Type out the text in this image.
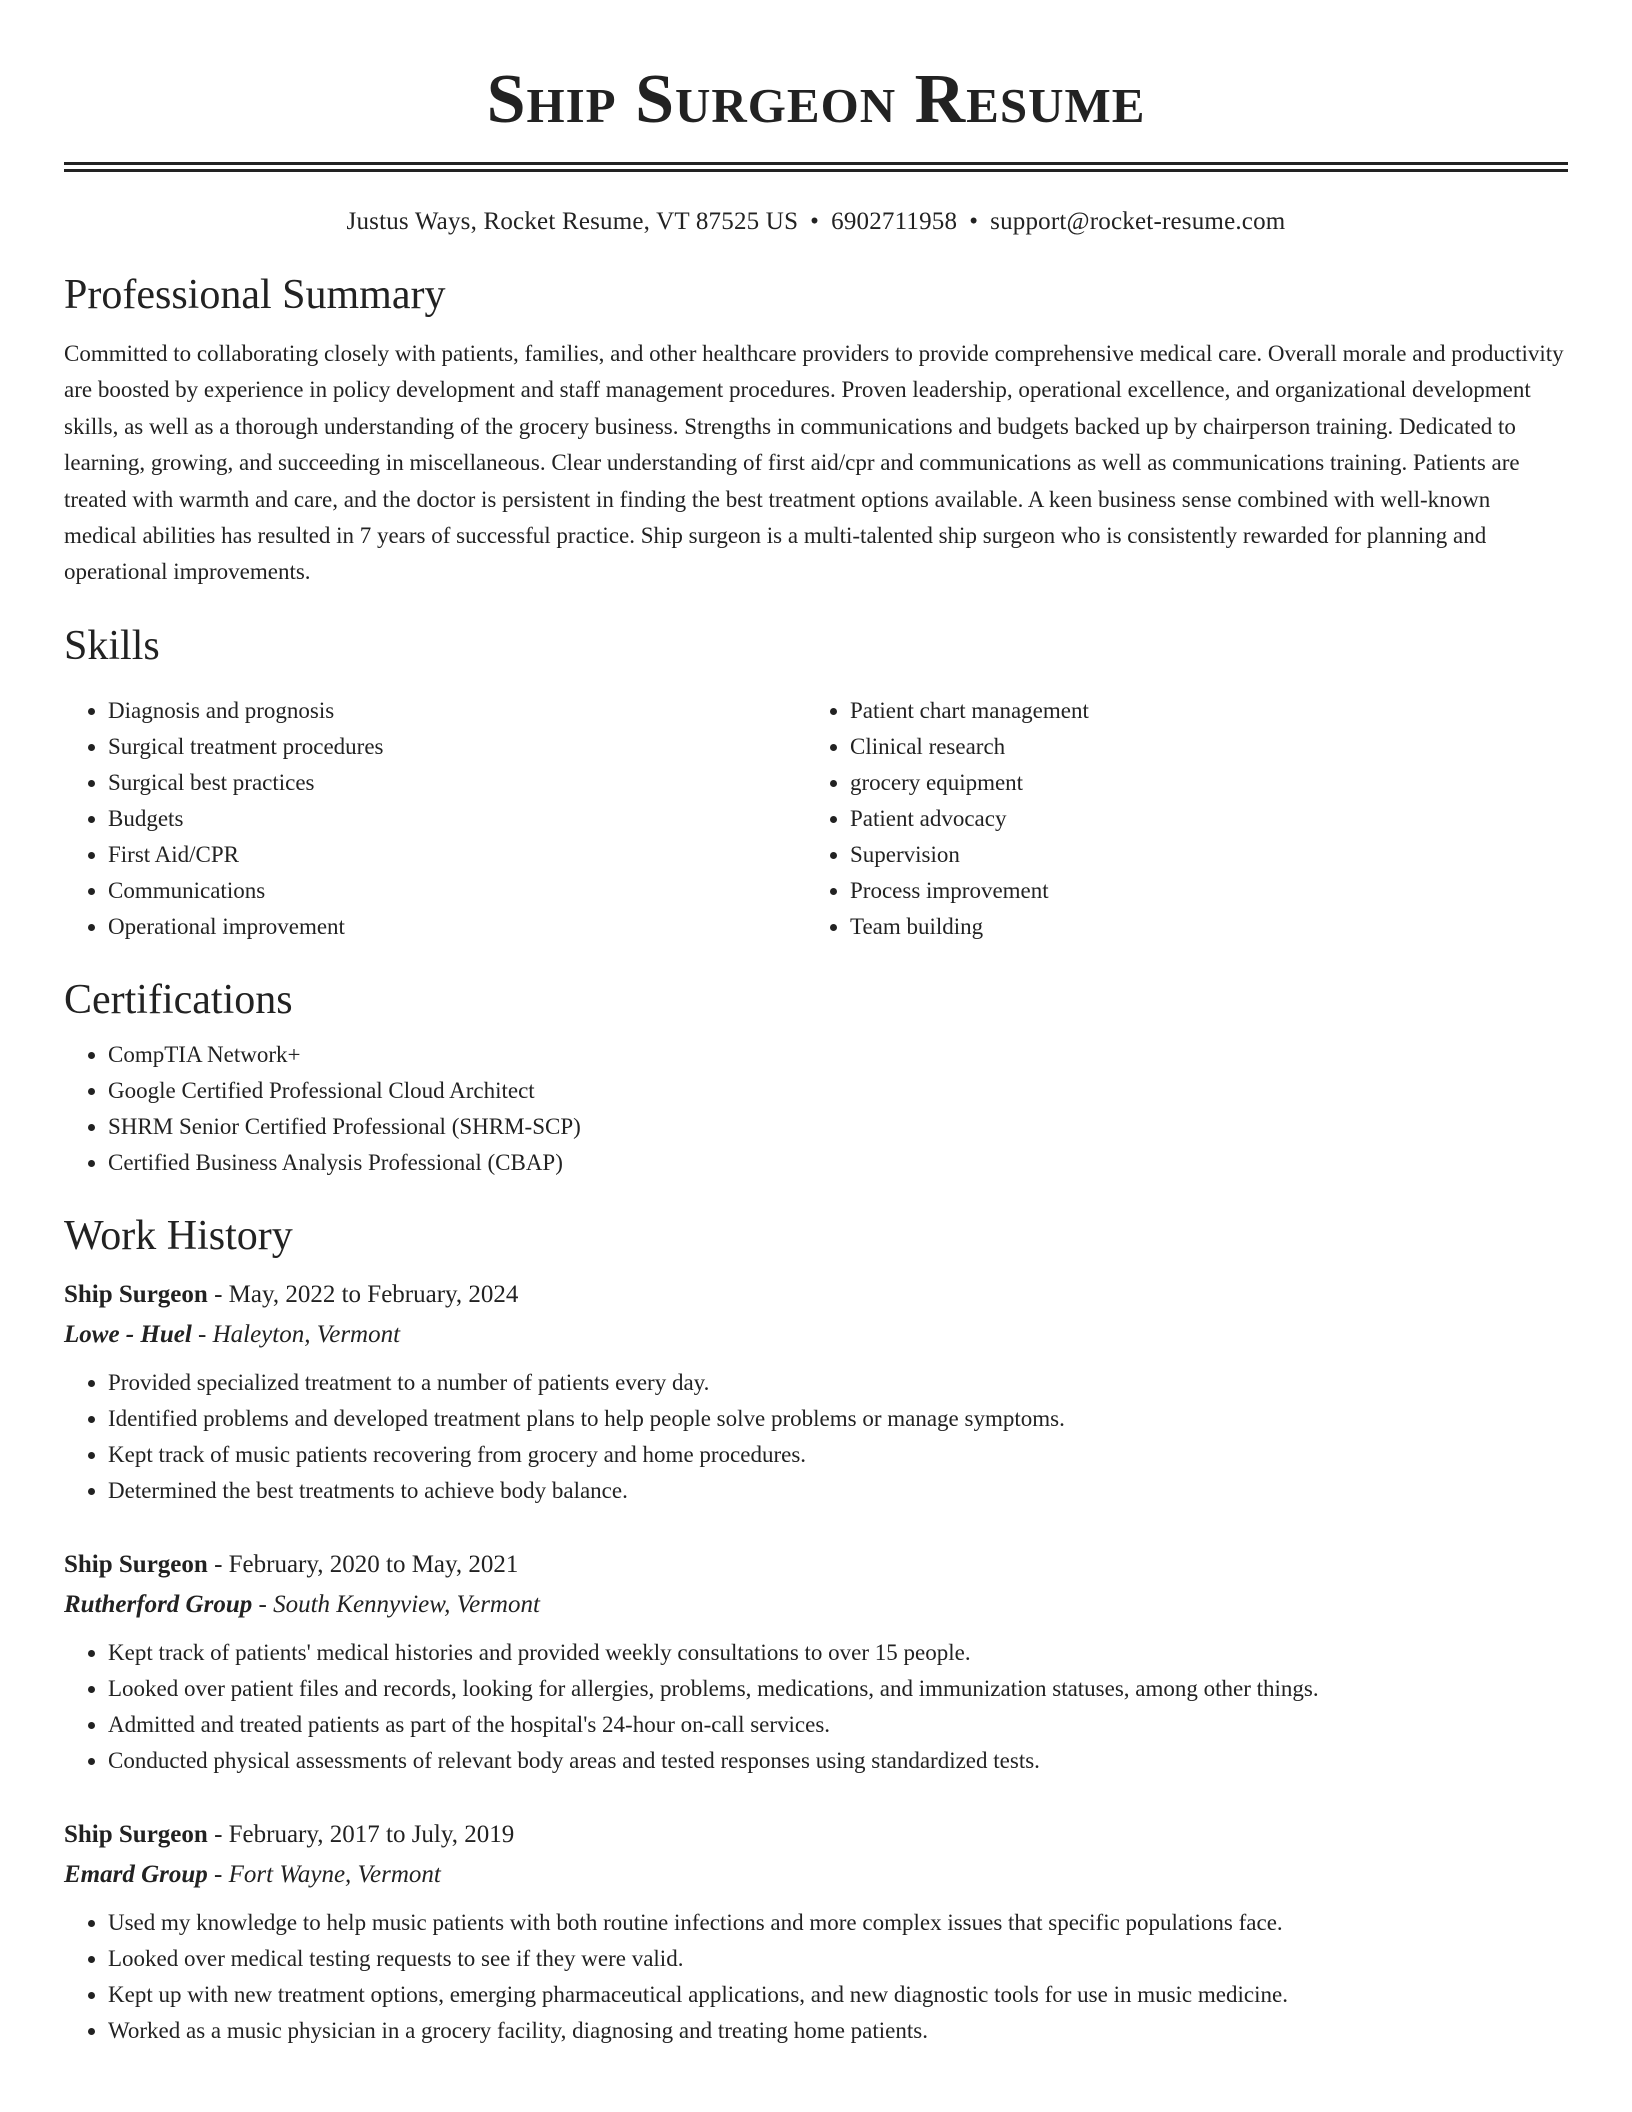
Ship Surgeon Resume
Justus Ways, Rocket Resume, VT 87525 US • 6902711958 • support@rocket-resume.com
Professional Summary

Committed to collaborating closely with patients, families, and other healthcare providers to provide comprehensive medical care. Overall morale and productivity are boosted by experience in policy development and staff management procedures. Proven leadership, operational excellence, and organizational development skills, as well as a thorough understanding of the grocery business. Strengths in communications and budgets backed up by chairperson training. Dedicated to learning, growing, and succeeding in miscellaneous. Clear understanding of first aid/cpr and communications as well as communications training. Patients are treated with warmth and care, and the doctor is persistent in finding the best treatment options available. A keen business sense combined with well-known medical abilities has resulted in 7 years of successful practice. Ship surgeon is a multi-talented ship surgeon who is consistently rewarded for planning and operational improvements.

Skills
• Diagnosis and prognosis
• Surgical treatment procedures
• Surgical best practices
• Budgets
• First Aid/CPR
• Communications
• Operational improvement
• Patient chart management
• Clinical research
• grocery equipment
• Patient advocacy
• Supervision
• Process improvement
• Team building
Certifications
• CompTIA Network+
• Google Certified Professional Cloud Architect
• SHRM Senior Certified Professional (SHRM-SCP)
• Certified Business Analysis Professional (CBAP)
Work History
Ship Surgeon - May, 2022 to February, 2024
Lowe - Huel - Haleyton, Vermont
• Provided specialized treatment to a number of patients every day.
• Identified problems and developed treatment plans to help people solve problems or manage symptoms.
• Kept track of music patients recovering from grocery and home procedures.
• Determined the best treatments to achieve body balance.
Ship Surgeon - February, 2020 to May, 2021
Rutherford Group - South Kennyview, Vermont
• Kept track of patients' medical histories and provided weekly consultations to over 15 people.
• Looked over patient files and records, looking for allergies, problems, medications, and immunization statuses, among other things.
• Admitted and treated patients as part of the hospital's 24-hour on-call services.
• Conducted physical assessments of relevant body areas and tested responses using standardized tests.
Ship Surgeon - February, 2017 to July, 2019
Emard Group - Fort Wayne, Vermont
• Used my knowledge to help music patients with both routine infections and more complex issues that specific populations face.
• Looked over medical testing requests to see if they were valid.
• Kept up with new treatment options, emerging pharmaceutical applications, and new diagnostic tools for use in music medicine.
• Worked as a music physician in a grocery facility, diagnosing and treating home patients.
